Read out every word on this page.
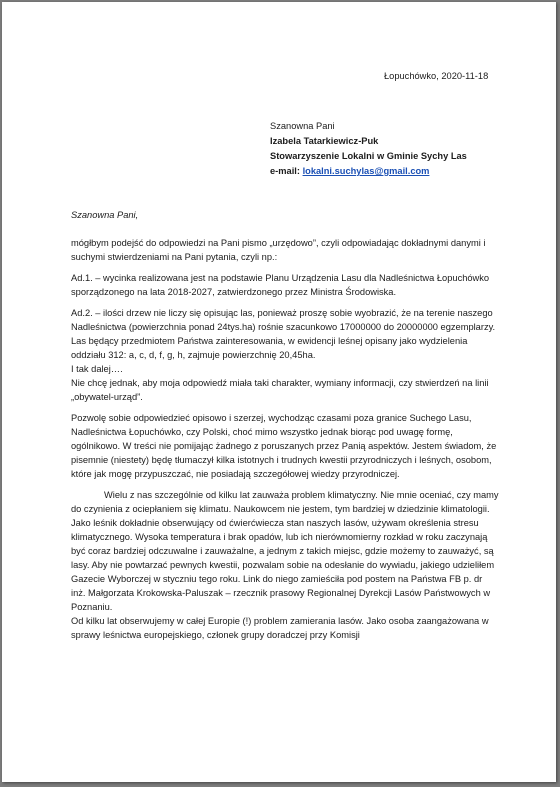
Łopuchówko, 2020-11-18
Szanowna Pani
Izabela Tatarkiewicz-Puk
Stowarzyszenie Lokalni w Gminie Sychy Las
e-mail: lokalni.suchylas@gmail.com
Szanowna Pani,

mógłbym podejść do odpowiedzi na Pani pismo „urzędowo”, czyli odpowiadając dokładnymi danymi i suchymi stwierdzeniami na Pani pytania, czyli np.:

Ad.1. – wycinka realizowana jest na podstawie Planu Urządzenia Lasu dla Nadleśnictwa Łopuchówko sporządzonego na lata 2018-2027, zatwierdzonego przez Ministra Środowiska.

Ad.2. – ilości drzew nie liczy się opisując las, ponieważ proszę sobie wyobrazić, że na terenie naszego Nadleśnictwa (powierzchnia ponad 24tys.ha) rośnie szacunkowo 17000000 do 20000000 egzemplarzy. Las będący przedmiotem Państwa zainteresowania, w ewidencji leśnej opisany jako wydzielenia oddziału 312: a, c, d, f, g, h, zajmuje powierzchnię 20,45ha.

I tak dalej….

Nie chcę jednak, aby moja odpowiedź miała taki charakter, wymiany informacji, czy stwierdzeń na linii „obywatel-urząd”.

Pozwolę sobie odpowiedzieć opisowo i szerzej, wychodząc czasami poza granice Suchego Lasu, Nadleśnictwa Łopuchówko, czy Polski, choć mimo wszystko jednak biorąc pod uwagę formę, ogólnikowo. W treści nie pomijając żadnego z poruszanych przez Panią aspektów. Jestem świadom, że pisemnie (niestety) będę tłumaczył kilka istotnych i trudnych kwestii przyrodniczych i leśnych, osobom, które jak mogę przypuszczać, nie posiadają szczegółowej wiedzy przyrodniczej.

Wielu z nas szczególnie od kilku lat zauważa problem klimatyczny. Nie mnie oceniać, czy mamy do czynienia z ociepłaniem się klimatu. Naukowcem nie jestem, tym bardziej w dziedzinie klimatologii. Jako leśnik dokładnie obserwujący od ćwierćwiecza stan naszych lasów, używam określenia stresu klimatycznego. Wysoka temperatura i brak opadów, lub ich nierównomierny rozkład w roku zaczynają być coraz bardziej odczuwalne i zauważalne, a jednym z takich miejsc, gdzie możemy to zauważyć, są lasy. Aby nie powtarzać pewnych kwestii, pozwalam sobie na odesłanie do wywiadu, jakiego udzieliłem Gazecie Wyborczej w styczniu tego roku. Link do niego zamieściła pod postem na Państwa FB p. dr inż. Małgorzata Krokowska-Paluszak – rzecznik prasowy Regionalnej Dyrekcji Lasów Państwowych w Poznaniu.

Od kilku lat obserwujemy w całej Europie (!) problem zamierania lasów. Jako osoba zaangażowana w sprawy leśnictwa europejskiego, członek grupy doradczej przy Komisji
